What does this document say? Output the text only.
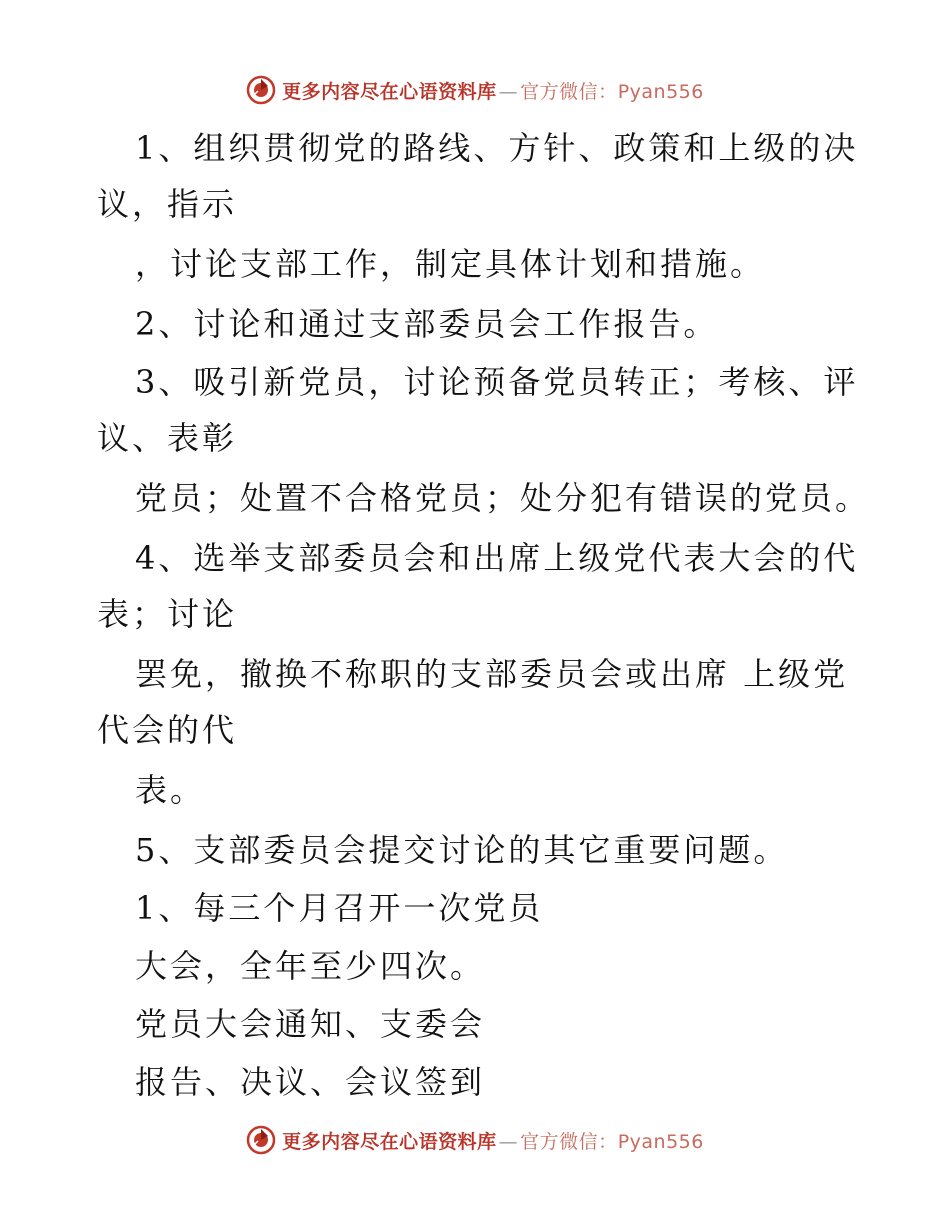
更多内容尽在心语资料库 — 官方微信：Pyan556
1、组织贯彻党的路线、方针、政策和上级的决
议，指示
，讨论支部工作，制定具体计划和措施。
2、讨论和通过支部委员会工作报告。
3、吸引新党员，讨论预备党员转正；考核、评
议、表彰
党员；处置不合格党员；处分犯有错误的党员。
4、选举支部委员会和出席上级党代表大会的代
表；讨论
罢免，撤换不称职的支部委员会或出席 上级党
代会的代
表。
5、支部委员会提交讨论的其它重要问题。
1、每三个月召开一次党员
大会，全年至少四次。
党员大会通知、支委会
报告、决议、会议签到
更多内容尽在心语资料库 — 官方微信：Pyan556
